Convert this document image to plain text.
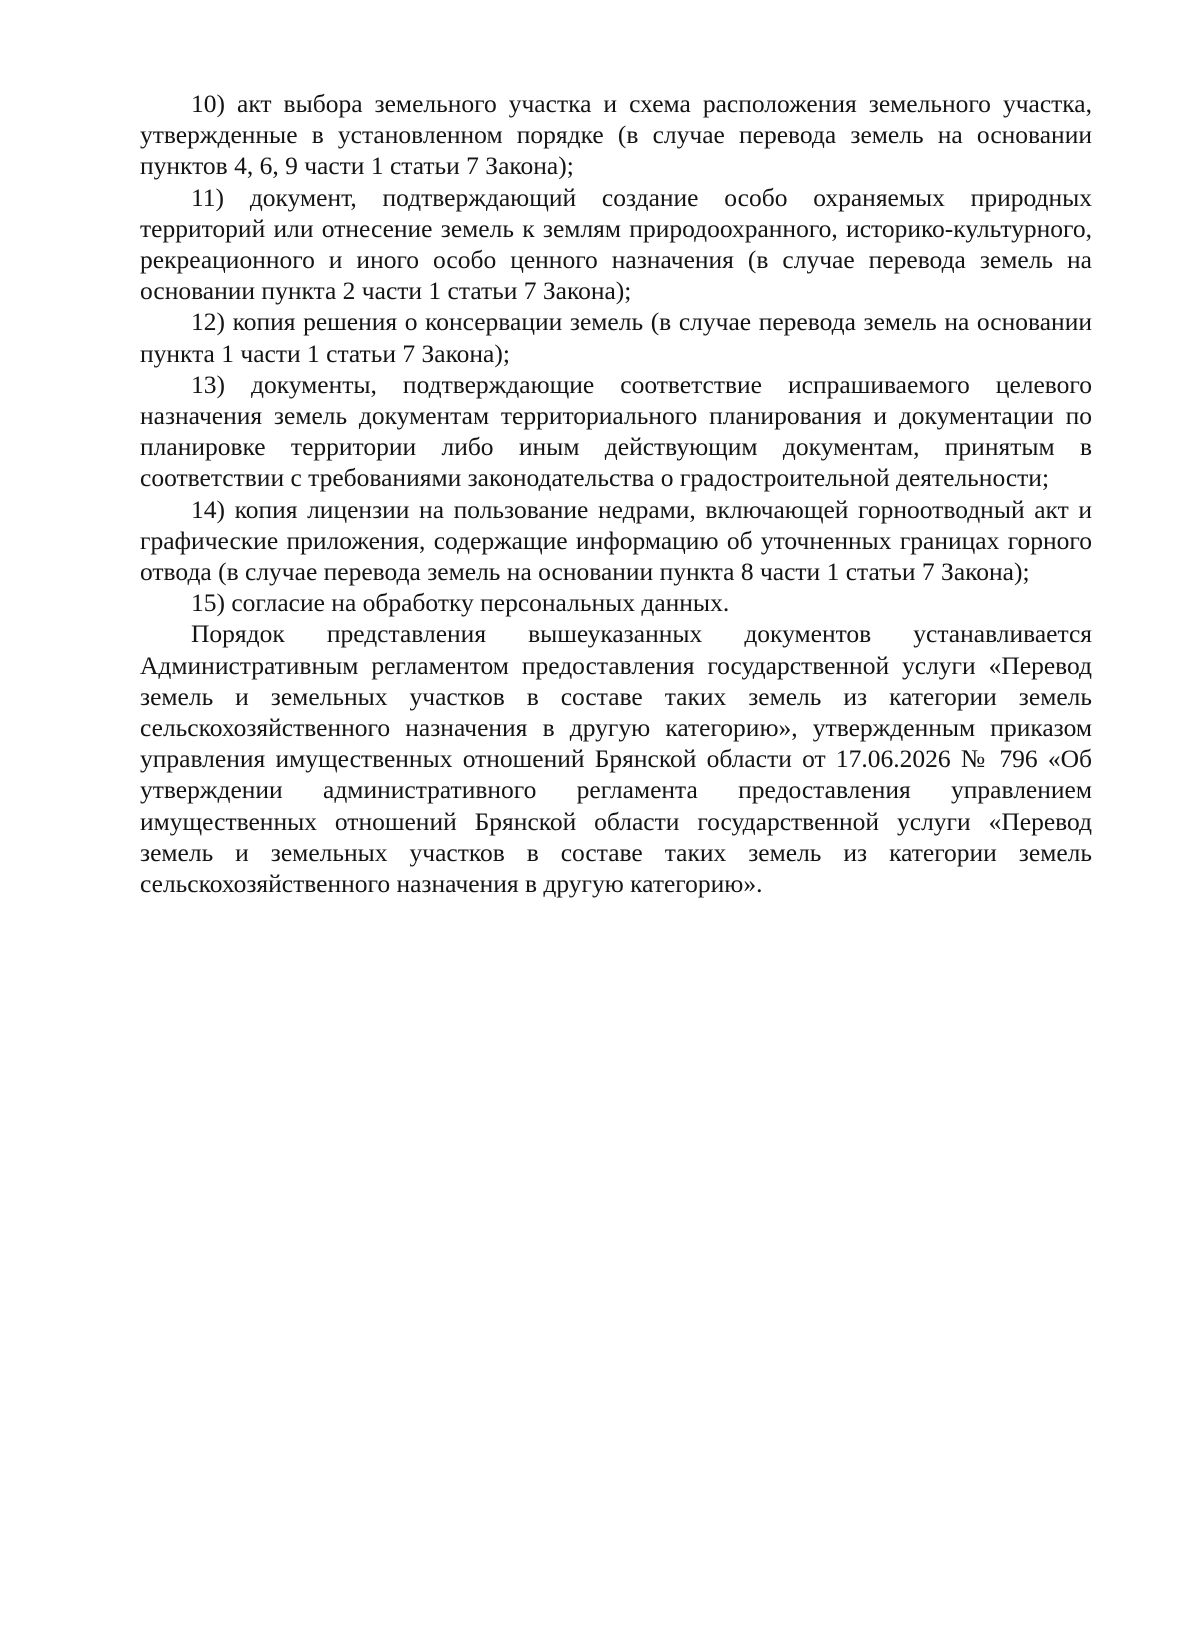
10) акт выбора земельного участка и схема расположения земельного участка, утвержденные в установленном порядке (в случае перевода земель на основании пунктов 4, 6, 9 части 1 статьи 7 Закона);

11) документ, подтверждающий создание особо охраняемых природных территорий или отнесение земель к землям природоохранного, историко-культурного, рекреационного и иного особо ценного назначения (в случае перевода земель на основании пункта 2 части 1 статьи 7 Закона);

12) копия решения о консервации земель (в случае перевода земель на основании пункта 1 части 1 статьи 7 Закона);

13) документы, подтверждающие соответствие испрашиваемого целевого назначения земель документам территориального планирования и документации по планировке территории либо иным действующим документам, принятым в соответствии с требованиями законодательства о градостроительной деятельности;

14) копия лицензии на пользование недрами, включающей горноотводный акт и графические приложения, содержащие информацию об уточненных границах горного отвода (в случае перевода земель на основании пункта 8 части 1 статьи 7 Закона);

15) согласие на обработку персональных данных.

Порядок представления вышеуказанных документов устанавливается Административным регламентом предоставления государственной услуги «Перевод земель и земельных участков в составе таких земель из категории земель сельскохозяйственного назначения в другую категорию», утвержденным приказом управления имущественных отношений Брянской области от 17.06.2026 № 796 «Об утверждении административного регламента предоставления управлением имущественных отношений Брянской области государственной услуги «Перевод земель и земельных участков в составе таких земель из категории земель сельскохозяйственного назначения в другую категорию».
